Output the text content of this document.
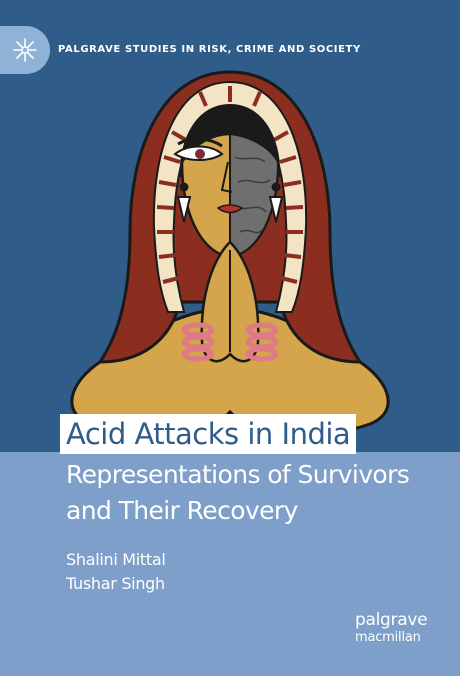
PALGRAVE STUDIES IN RISK, CRIME AND SOCIETY
Acid Attacks in India
Representations of Survivors
and Their Recovery
Shalini Mittal
Tushar Singh
palgrave
macmillan
